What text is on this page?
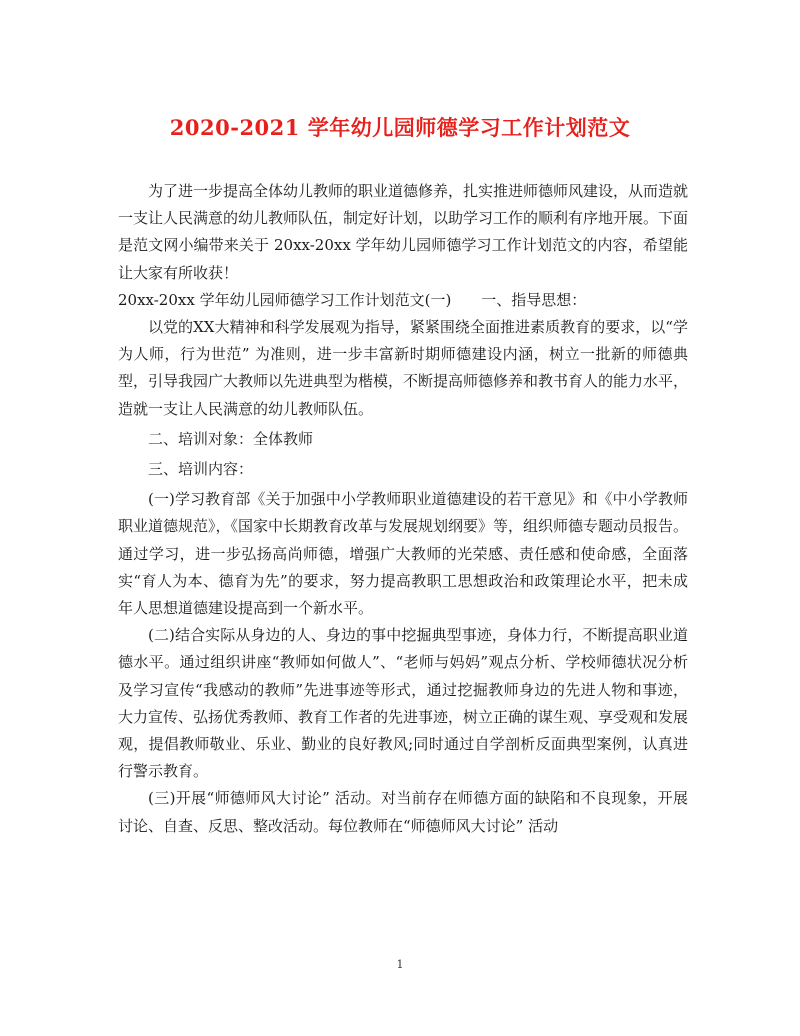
2020-2021 学年幼儿园师德学习工作计划范文

为了进一步提高全体幼儿教师的职业道德修养，扎实推进师德师风建设，从而造就一支让人民满意的幼儿教师队伍，制定好计划，以助学习工作的顺利有序地开展。下面是范文网小编带来关于 20xx-20xx 学年幼儿园师德学习工作计划范文的内容，希望能让大家有所收获！

20xx-20xx 学年幼儿园师德学习工作计划范文(一) 一、指导思想：

以党的XX大精神和科学发展观为指导，紧紧围绕全面推进素质教育的要求，以“学为人师，行为世范” 为准则，进一步丰富新时期师德建设内涵，树立一批新的师德典型，引导我园广大教师以先进典型为楷模，不断提高师德修养和教书育人的能力水平，造就一支让人民满意的幼儿教师队伍。

二、培训对象：全体教师

三、培训内容：

(一)学习教育部《关于加强中小学教师职业道德建设的若干意见》和《中小学教师职业道德规范》，《国家中长期教育改革与发展规划纲要》等，组织师德专题动员报告。通过学习，进一步弘扬高尚师德，增强广大教师的光荣感、责任感和使命感，全面落实“育人为本、德育为先”的要求，努力提高教职工思想政治和政策理论水平，把未成年人思想道德建设提高到一个新水平。

(二)结合实际从身边的人、身边的事中挖掘典型事迹，身体力行，不断提高职业道德水平。通过组织讲座“教师如何做人”、“老师与妈妈”观点分析、学校师德状况分析及学习宣传“我感动的教师”先进事迹等形式，通过挖掘教师身边的先进人物和事迹，大力宣传、弘扬优秀教师、教育工作者的先进事迹，树立正确的谋生观、享受观和发展观，提倡教师敬业、乐业、勤业的良好教风;同时通过自学剖析反面典型案例，认真进行警示教育。

(三)开展“师德师风大讨论” 活动。对当前存在师德方面的缺陷和不良现象，开展讨论、自查、反思、整改活动。每位教师在“师德师风大讨论” 活动

1
